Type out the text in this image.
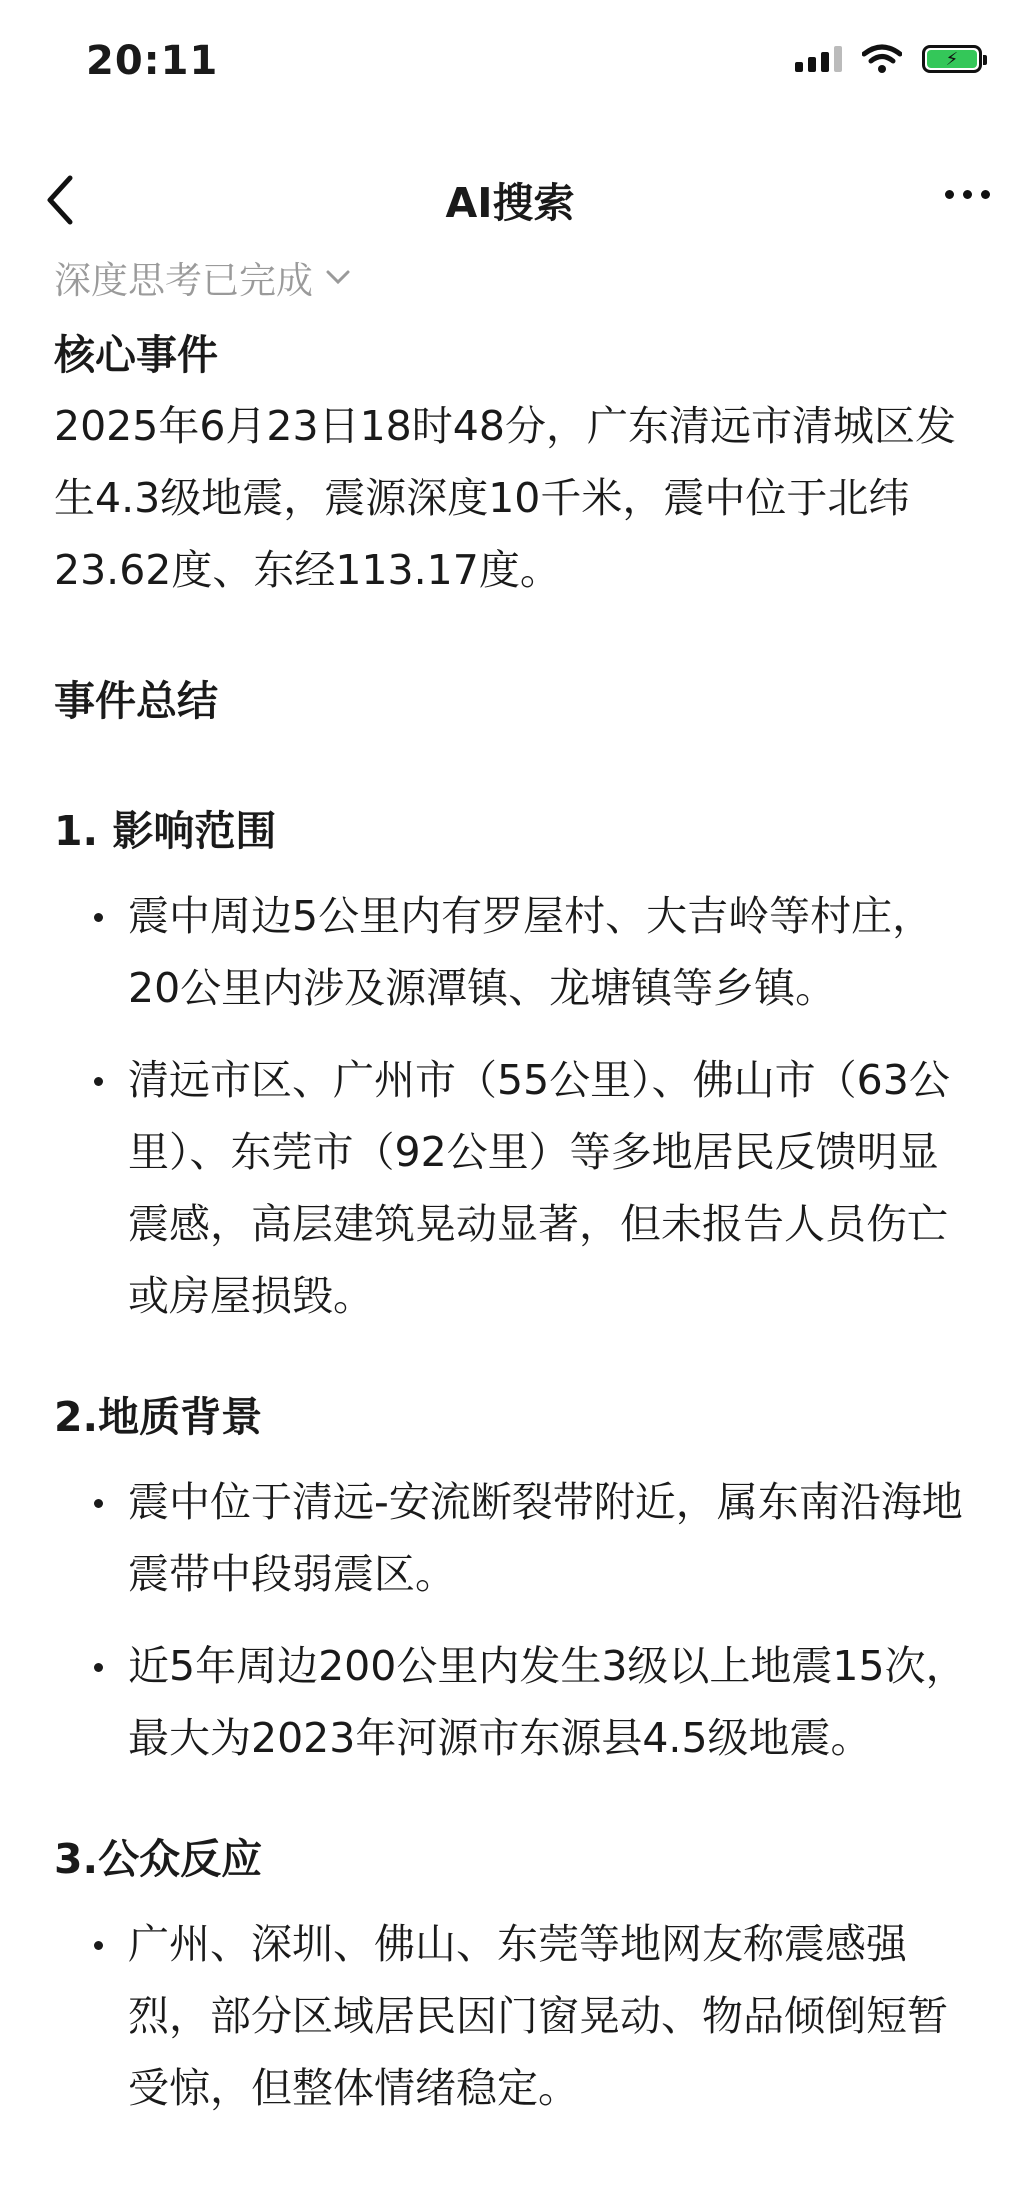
20:11	⚡
AI搜索
深度思考已完成
核心事件

2025年6月23日18时48分，广东清远市清城区发生4.3级地震，震源深度10千米，震中位于北纬23.62度、东经113.17度。

事件总结
1. 影响范围
震中周边5公里内有罗屋村、大吉岭等村庄，20公里内涉及源潭镇、龙塘镇等乡镇。
清远市区、广州市（55公里）、佛山市（63公里）、东莞市（92公里）等多地居民反馈明显震感，高层建筑晃动显著，但未报告人员伤亡或房屋损毁。
2.地质背景
震中位于清远-安流断裂带附近，属东南沿海地震带中段弱震区。
近5年周边200公里内发生3级以上地震15次，最大为2023年河源市东源县4.5级地震。
3.公众反应
广州、深圳、佛山、东莞等地网友称震感强烈，部分区域居民因门窗晃动、物品倾倒短暂受惊，但整体情绪稳定。
